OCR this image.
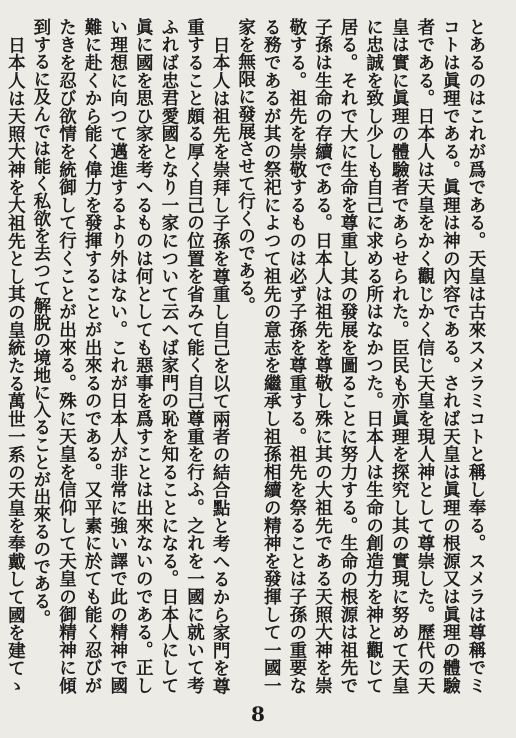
とあるのはこれが爲である。天皇は古來スメラミコトと稱し奉る。スメラは尊稱でミコトは眞理である。眞理は神の內容である。されば天皇は眞理の根源又は眞理の體驗者である。日本人は天皇をかく觀じかく信じ天皇を現人神として尊崇した。歷代の天皇は實に眞理の體驗者であらせられた。臣民も亦眞理を探究し其の實現に努めて天皇に忠誠を致し少しも自己に求める所はなかつた。日本人は生命の創造力を神と觀じて居る。それで大に生命を尊重し其の發展を圖ることに努力する。生命の根源は祖先で子孫は生命の存續である。日本人は祖先を尊敬し殊に其の大祖先である天照大神を崇敬する。祖先を崇敬するものは必ず子孫を尊重する。祖先を祭ることは子孫の重要なる務であるが其の祭祀によつて祖先の意志を繼承し祖孫相續の精神を發揮して一國一家を無限に發展させて行くのである。
日本人は祖先を崇拜し子孫を尊重し自己を以て兩者の結合點と考へるから家門を尊重すること頗る厚く自己の位置を省みて能く自己尊重を行ふ。之れを一國に就いて考ふれば忠君愛國となり一家について云へば家門の恥を知ることになる。日本人にして眞に國を思ひ家を考へるものは何としても惡事を爲すことは出來ないのである。正しい理想に向つて邁進するより外はない。これが日本人が非常に強い譯で此の精神で國難に赴くから能く偉力を發揮することが出來るのである。又平素に於ても能く忍びがたきを忍び欲情を統御して行くことが出來る。殊に天皇を信仰して天皇の御精神に傾到するに及んでは能く私欲を去つて解脫の境地に入ることが出來るのである。
日本人は天照大神を大祖先とし其の皇統たる萬世一系の天皇を奉戴して國を建てゝ
8
